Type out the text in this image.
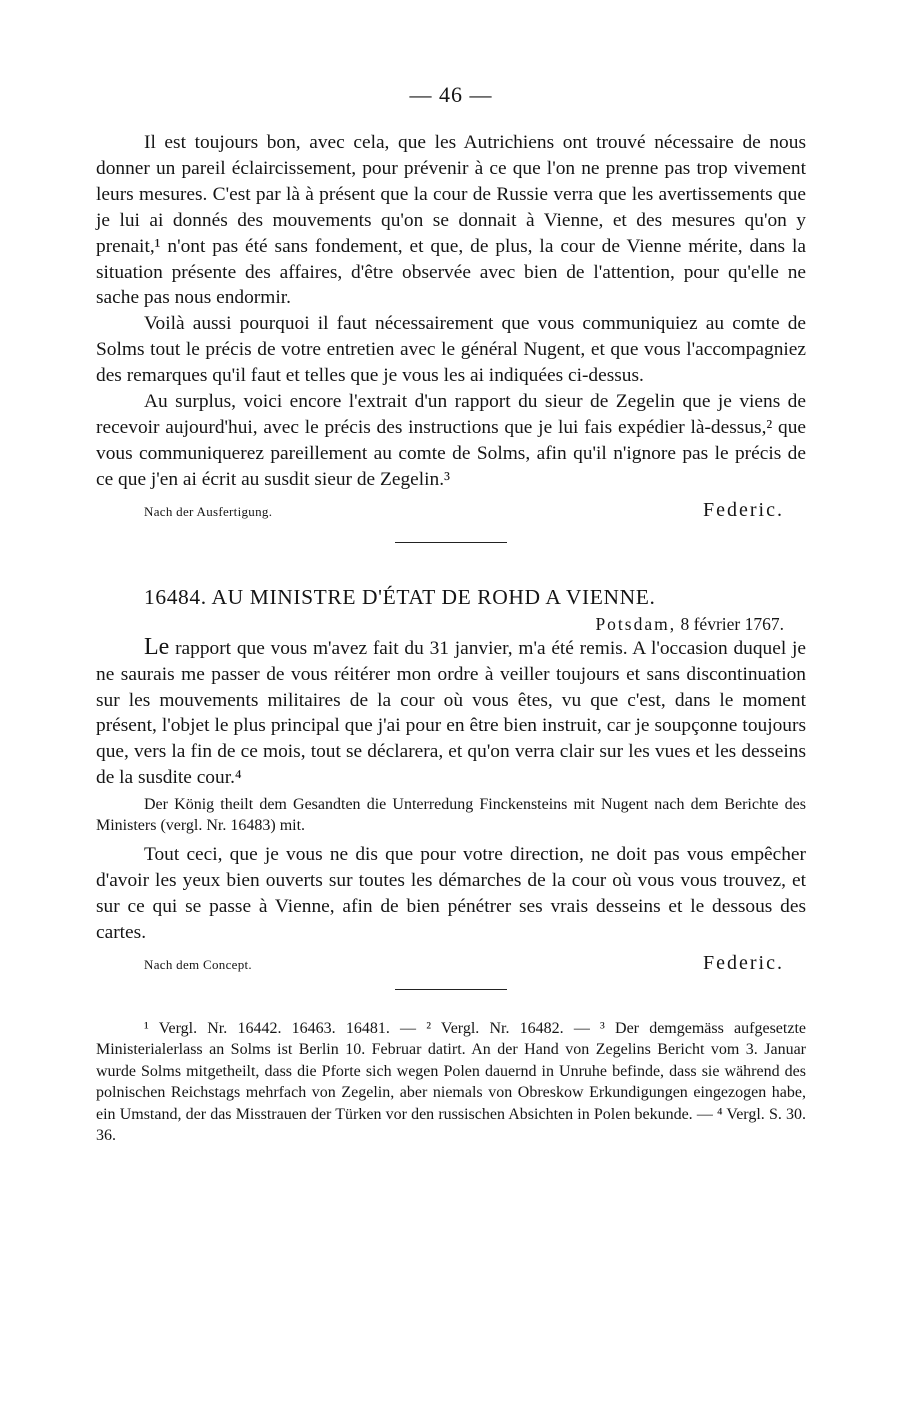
— 46 —

Il est toujours bon, avec cela, que les Autrichiens ont trouvé nécessaire de nous donner un pareil éclaircissement, pour prévenir à ce que l'on ne prenne pas trop vivement leurs mesures. C'est par là à présent que la cour de Russie verra que les avertissements que je lui ai donnés des mouvements qu'on se donnait à Vienne, et des mesures qu'on y prenait,¹ n'ont pas été sans fondement, et que, de plus, la cour de Vienne mérite, dans la situation présente des affaires, d'être observée avec bien de l'attention, pour qu'elle ne sache pas nous endormir.

Voilà aussi pourquoi il faut nécessairement que vous communiquiez au comte de Solms tout le précis de votre entretien avec le général Nugent, et que vous l'accompagniez des remarques qu'il faut et telles que je vous les ai indiquées ci-dessus.

Au surplus, voici encore l'extrait d'un rapport du sieur de Zegelin que je viens de recevoir aujourd'hui, avec le précis des instructions que je lui fais expédier là-dessus,² que vous communiquerez pareillement au comte de Solms, afin qu'il n'ignore pas le précis de ce que j'en ai écrit au susdit sieur de Zegelin.³

Nach der Ausfertigung.	Federic.
16484. AU MINISTRE D'ÉTAT DE ROHD A VIENNE.
Potsdam, 8 février 1767.

Le rapport que vous m'avez fait du 31 janvier, m'a été remis. A l'occasion duquel je ne saurais me passer de vous réitérer mon ordre à veiller toujours et sans discontinuation sur les mouvements militaires de la cour où vous êtes, vu que c'est, dans le moment présent, l'objet le plus principal que j'ai pour en être bien instruit, car je soupçonne toujours que, vers la fin de ce mois, tout se déclarera, et qu'on verra clair sur les vues et les desseins de la susdite cour.⁴

Der König theilt dem Gesandten die Unterredung Finckensteins mit Nugent nach dem Berichte des Ministers (vergl. Nr. 16483) mit.

Tout ceci, que je vous ne dis que pour votre direction, ne doit pas vous empêcher d'avoir les yeux bien ouverts sur toutes les démarches de la cour où vous vous trouvez, et sur ce qui se passe à Vienne, afin de bien pénétrer ses vrais desseins et le dessous des cartes.

Nach dem Concept.	Federic.

¹ Vergl. Nr. 16442. 16463. 16481. — ² Vergl. Nr. 16482. — ³ Der demgemäss aufgesetzte Ministerialerlass an Solms ist Berlin 10. Februar datirt. An der Hand von Zegelins Bericht vom 3. Januar wurde Solms mitgetheilt, dass die Pforte sich wegen Polen dauernd in Unruhe befinde, dass sie während des polnischen Reichstags mehrfach von Zegelin, aber niemals von Obreskow Erkundigungen eingezogen habe, ein Umstand, der das Misstrauen der Türken vor den russischen Absichten in Polen bekunde. — ⁴ Vergl. S. 30. 36.
